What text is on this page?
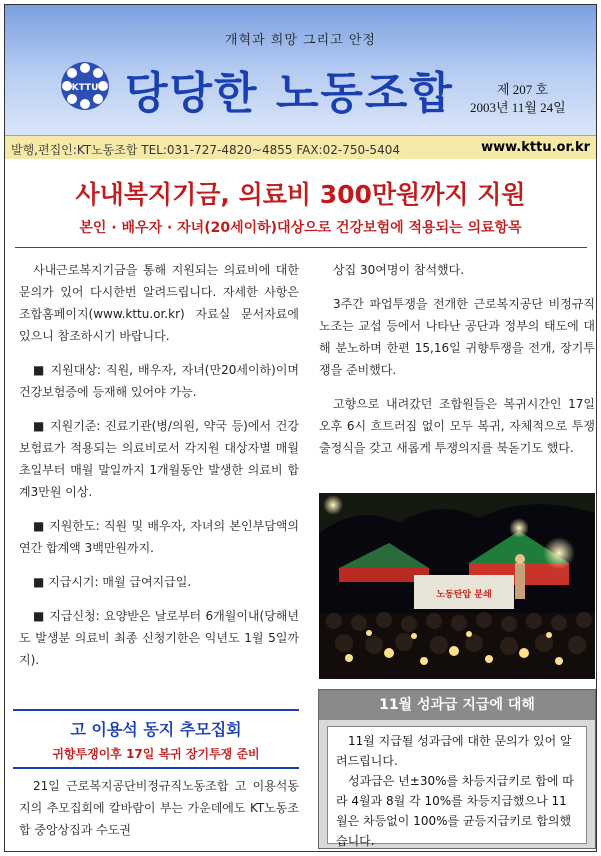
개혁과 희망 그리고 안정
KTTU 당당한 노동조합	제 207 호
2003년 11월 24일
발행,편집인:KT노동조합 TEL:031-727-4820~4855 FAX:02-750-5404	www.kttu.or.kr
사내복지기금, 의료비 300만원까지 지원
본인 · 배우자 · 자녀(20세이하)대상으로 건강보험에 적용되는 의료항목

사내근로복지기금을 통해 지원되는 의료비에 대한 문의가 있어 다시한번 알려드립니다. 자세한 사항은 조합홈페이지(www.kttu.or.kr) 자료실 문서자료에 있으니 참조하시기 바랍니다.

■ 지원대상: 직원, 배우자, 자녀(만20세이하)이며 건강보험증에 등재해 있어야 가능.

■ 지원기준: 진료기관(병/의원, 약국 등)에서 건강보험료가 적용되는 의료비로서 각지원 대상자별 매월초일부터 매월 말일까지 1개월동안 발생한 의료비 합계3만원 이상.

■ 지원한도: 직원 및 배우자, 자녀의 본인부담액의 연간 합계액 3백만원까지.

■ 지급시기: 매월 급여지급일.

■ 지급신청: 요양받은 날로부터 6개월이내(당해년도 발생분 의료비 최종 신청기한은 익년도 1월 5일까지).

고 이용석 동지 추모집회
귀향투쟁이후 17일 복귀 장기투쟁 준비

21일 근로복지공단비정규직노동조합 고 이용석동지의 추모집회에 칼바람이 부는 가운데에도 KT노동조합 중앙상집과 수도권

상집 30여명이 참석했다.

3주간 파업투쟁을 전개한 근로복지공단 비정규직노조는 교섭 등에서 나타난 공단과 정부의 태도에 대해 분노하며 한편 15,16일 귀향투쟁을 전개, 장기투쟁을 준비했다.

고향으로 내려갔던 조합원들은 복귀시간인 17일 오후 6시 흐트러짐 없이 모두 복귀, 자체적으로 투쟁출정식을 갖고 새롭게 투쟁의지를 북돋기도 했다.

노동탄압 분쇄
11월 성과급 지급에 대해

11월 지급될 성과급에 대한 문의가 있어 알려드립니다.

성과급은 년±30%를 차등지급키로 합에 따라 4월과 8월 각 10%를 차등지급했으나 11월은 차등없이 100%를 균등지급키로 합의했습니다.
